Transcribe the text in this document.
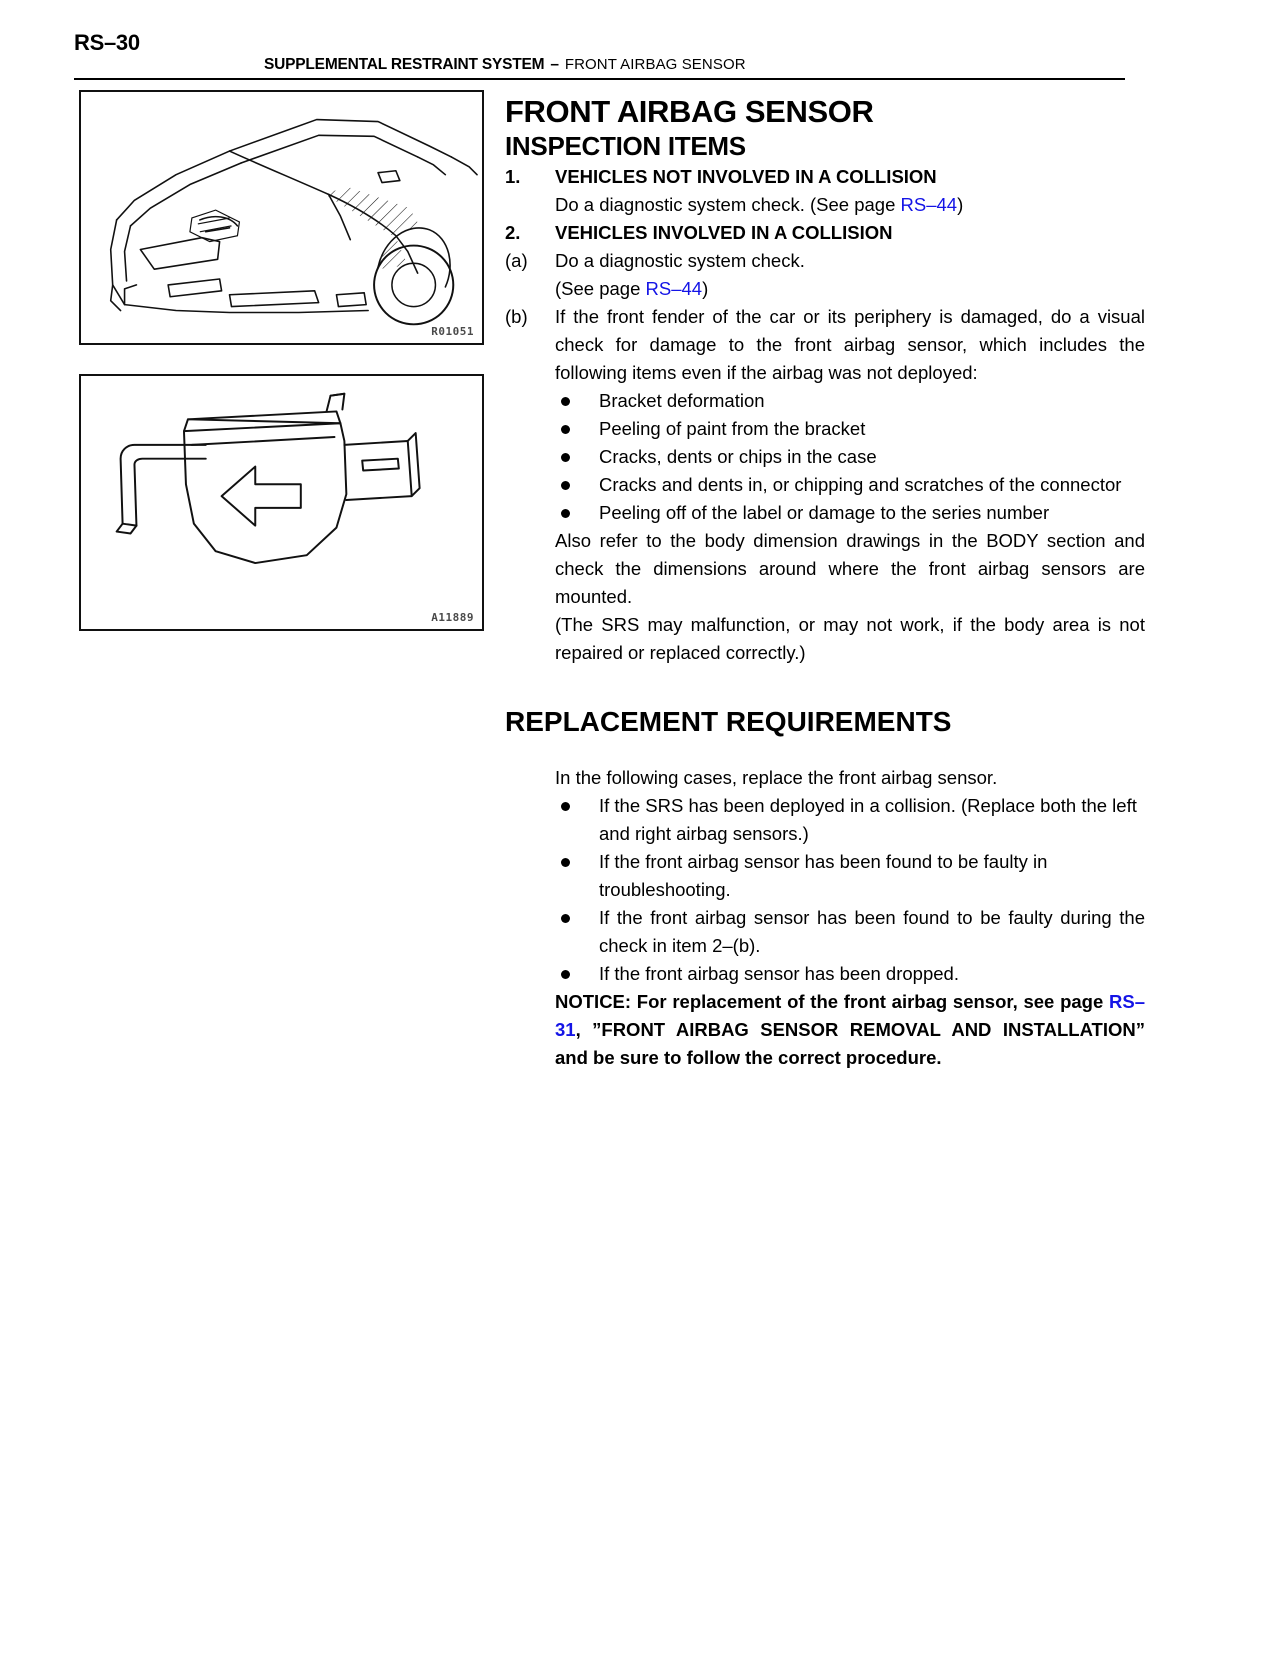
RS–30
SUPPLEMENTAL RESTRAINT SYSTEM – FRONT AIRBAG SENSOR
R01051
A11889
FRONT AIRBAG SENSOR
INSPECTION ITEMS
1.	VEHICLES NOT INVOLVED IN A COLLISION
Do a diagnostic system check. (See page RS–44)
2.	VEHICLES INVOLVED IN A COLLISION
(a)	Do a diagnostic system check.
(See page RS–44)
(b)	If the front fender of the car or its periphery is damaged, do a visual check for damage to the front airbag sensor, which includes the following items even if the airbag was not deployed:
Bracket deformation
Peeling of paint from the bracket
Cracks, dents or chips in the case
Cracks and dents in, or chipping and scratches of the connector
Peeling off of the label or damage to the series number
Also refer to the body dimension drawings in the BODY section and check the dimensions around where the front airbag sensors are mounted.
(The SRS may malfunction, or may not work, if the body area is not repaired or replaced correctly.)
REPLACEMENT REQUIREMENTS
In the following cases, replace the front airbag sensor.
If the SRS has been deployed in a collision. (Replace both the left and right airbag sensors.)
If the front airbag sensor has been found to be faulty in troubleshooting.
If the front airbag sensor has been found to be faulty during the check in item 2–(b).
If the front airbag sensor has been dropped.
NOTICE: For replacement of the front airbag sensor, see page RS–31, ”FRONT AIRBAG SENSOR REMOVAL AND INSTALLATION” and be sure to follow the correct procedure.
